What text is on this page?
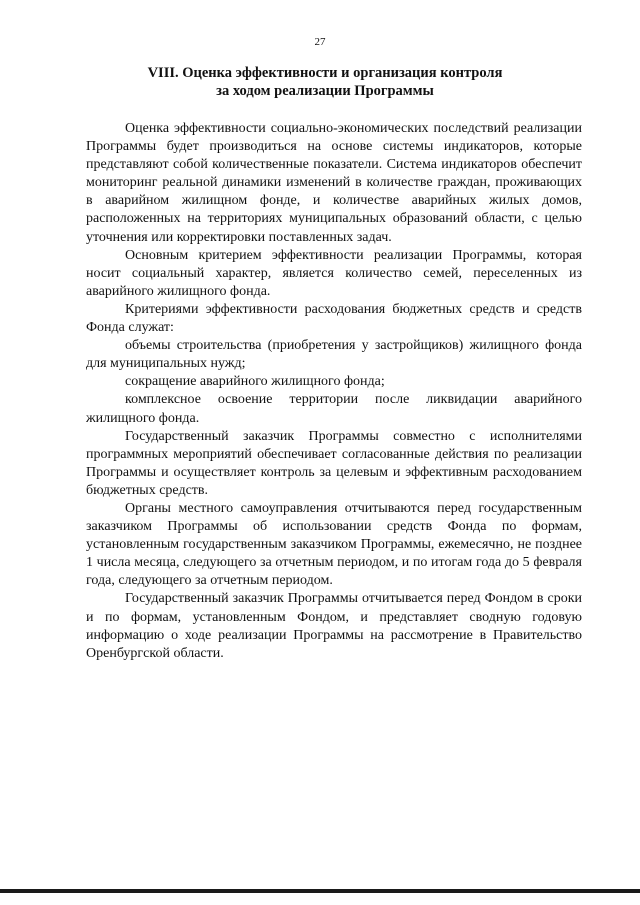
27
VIII. Оценка эффективности и организация контроля
за ходом реализации Программы

Оценка эффективности социально-экономических последствий реализации Программы будет производиться на основе системы индикаторов, которые представляют собой количественные показатели. Система индикаторов обеспечит мониторинг реальной динамики изменений в количестве граждан, проживающих в аварийном жилищном фонде, и количестве аварийных жилых домов, расположенных на территориях муниципальных образований области, с целью уточнения или корректировки поставленных задач.

Основным критерием эффективности реализации Программы, которая носит социальный характер, является количество семей, переселенных из аварийного жилищного фонда.

Критериями эффективности расходования бюджетных средств и средств Фонда служат:

объемы строительства (приобретения у застройщиков) жилищного фонда для муниципальных нужд;

сокращение аварийного жилищного фонда;

комплексное освоение территории после ликвидации аварийного жилищного фонда.

Государственный заказчик Программы совместно с исполнителями программных мероприятий обеспечивает согласованные действия по реализации Программы и осуществляет контроль за целевым и эффективным расходованием бюджетных средств.

Органы местного самоуправления отчитываются перед государственным заказчиком Программы об использовании средств Фонда по формам, установленным государственным заказчиком Программы, ежемесячно, не позднее 1 числа месяца, следующего за отчетным периодом, и по итогам года до 5 февраля года, следующего за отчетным периодом.

Государственный заказчик Программы отчитывается перед Фондом в сроки и по формам, установленным Фондом, и представляет сводную годовую информацию о ходе реализации Программы на рассмотрение в Правительство Оренбургской области.
